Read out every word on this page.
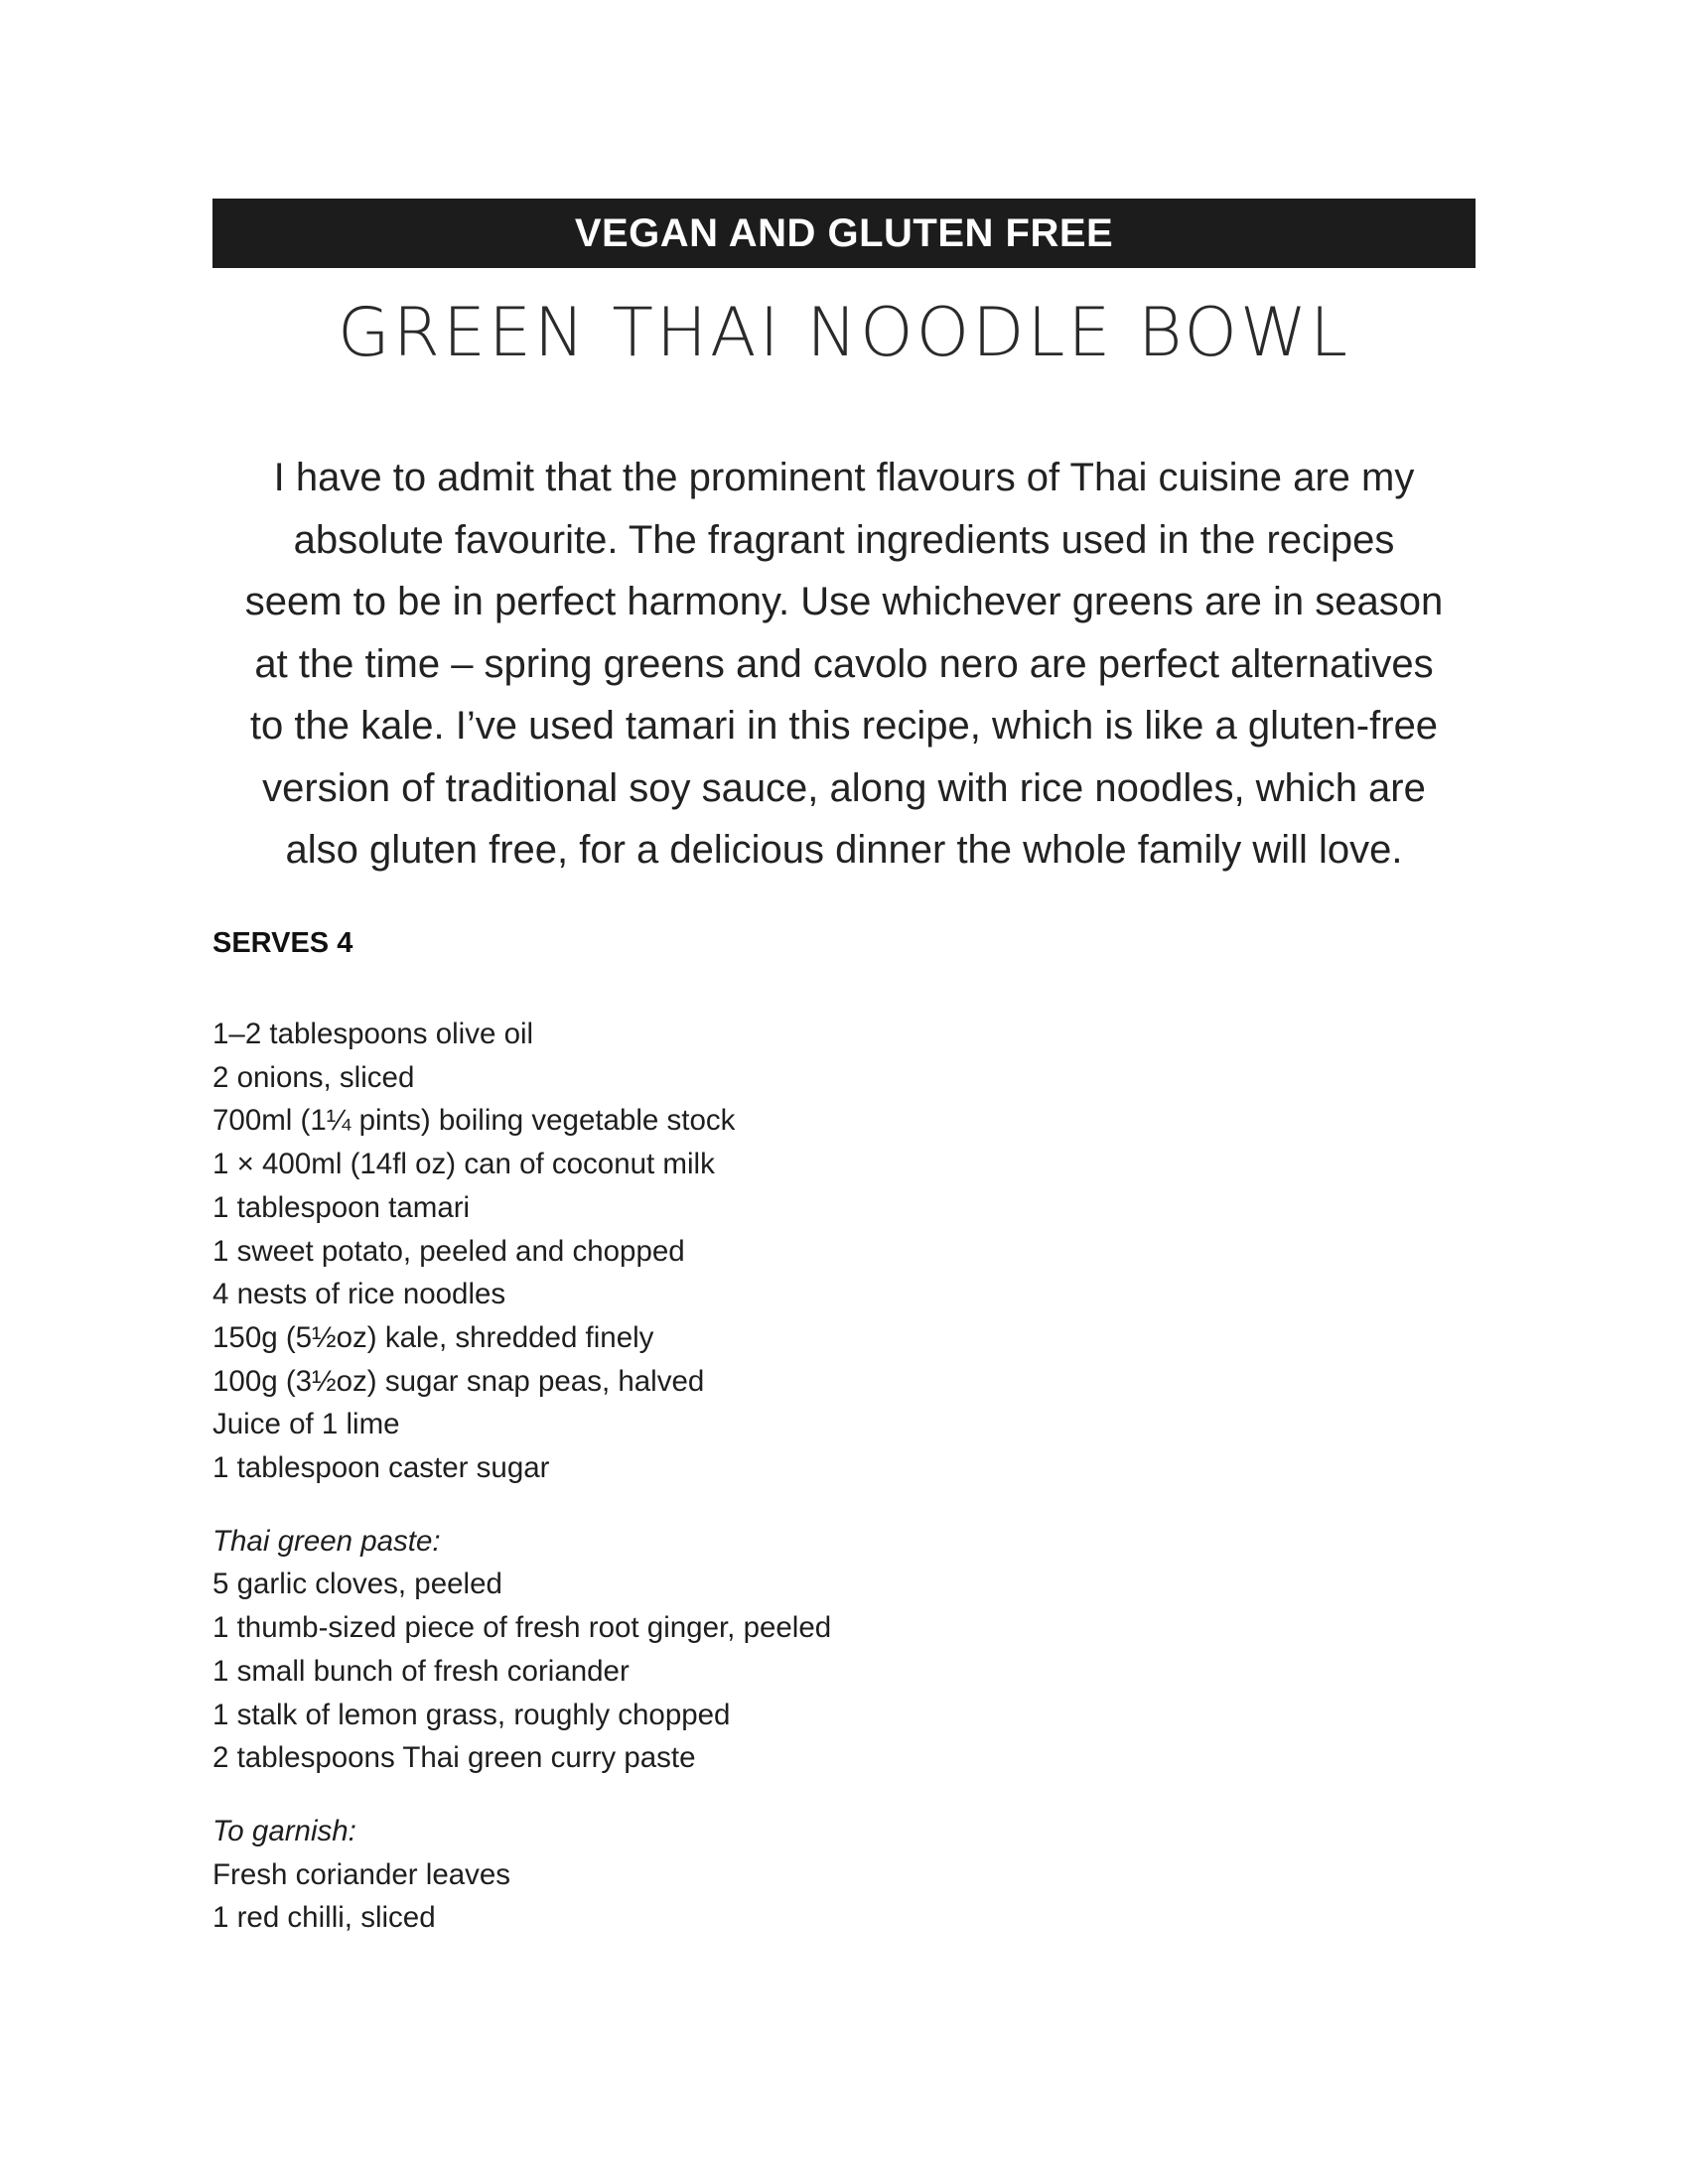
VEGAN AND GLUTEN FREE
GREEN THAI NOODLE BOWL
I have to admit that the prominent flavours of Thai cuisine are my
absolute favourite. The fragrant ingredients used in the recipes
seem to be in perfect harmony. Use whichever greens are in season
at the time – spring greens and cavolo nero are perfect alternatives
to the kale. I’ve used tamari in this recipe, which is like a gluten-free
version of traditional soy sauce, along with rice noodles, which are
also gluten free, for a delicious dinner the whole family will love.
SERVES 4
1–2 tablespoons olive oil
2 onions, sliced
700ml (1¼ pints) boiling vegetable stock
1 × 400ml (14fl oz) can of coconut milk
1 tablespoon tamari
1 sweet potato, peeled and chopped
4 nests of rice noodles
150g (5½oz) kale, shredded finely
100g (3½oz) sugar snap peas, halved
Juice of 1 lime
1 tablespoon caster sugar
Thai green paste:
5 garlic cloves, peeled
1 thumb-sized piece of fresh root ginger, peeled
1 small bunch of fresh coriander
1 stalk of lemon grass, roughly chopped
2 tablespoons Thai green curry paste
To garnish:
Fresh coriander leaves
1 red chilli, sliced
